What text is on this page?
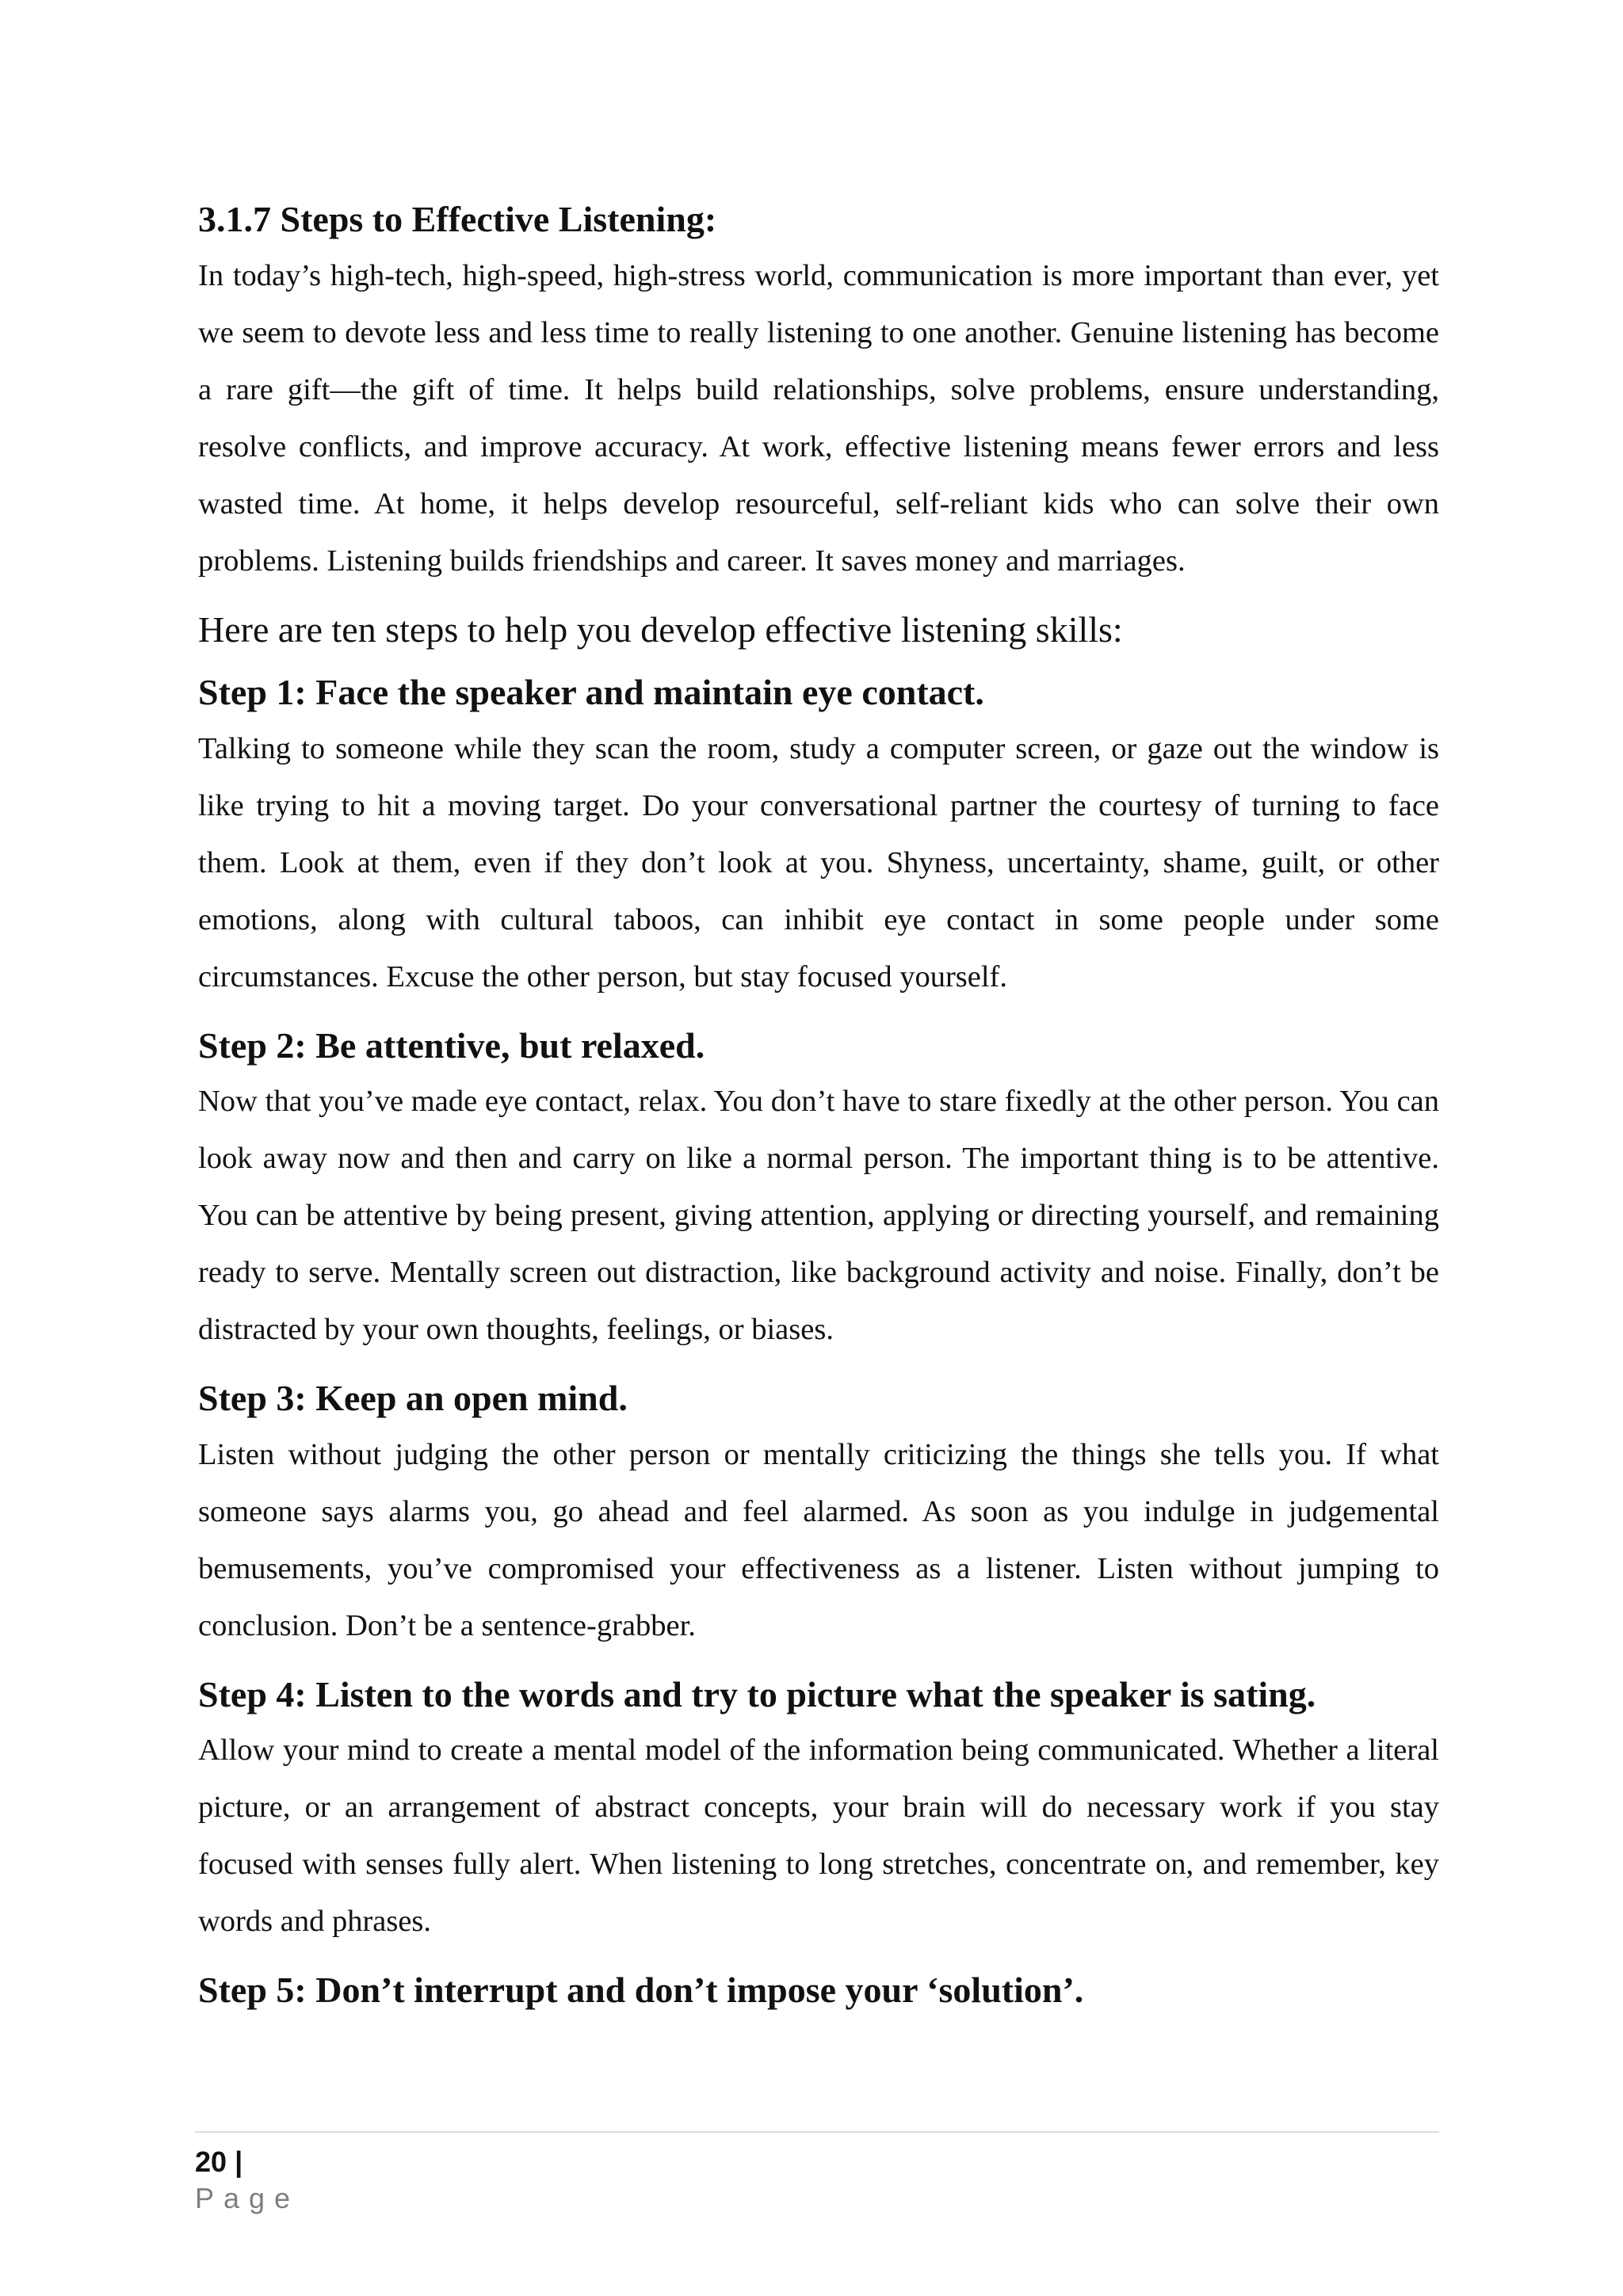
3.1.7 Steps to Effective Listening:

In today’s high-tech, high-speed, high-stress world, communication is more important than ever, yet we seem to devote less and less time to really listening to one another. Genuine listening has become a rare gift—the gift of time. It helps build relationships, solve problems, ensure understanding, resolve conflicts, and improve accuracy. At work, effective listening means fewer errors and less wasted time. At home, it helps develop resourceful, self-reliant kids who can solve their own problems. Listening builds friendships and career. It saves money and marriages.

Here are ten steps to help you develop effective listening skills:

Step 1: Face the speaker and maintain eye contact.

Talking to someone while they scan the room, study a computer screen, or gaze out the window is like trying to hit a moving target. Do your conversational partner the courtesy of turning to face them. Look at them, even if they don’t look at you. Shyness, uncertainty, shame, guilt, or other emotions, along with cultural taboos, can inhibit eye contact in some people under some circumstances. Excuse the other person, but stay focused yourself.

Step 2: Be attentive, but relaxed.

Now that you’ve made eye contact, relax. You don’t have to stare fixedly at the other person. You can look away now and then and carry on like a normal person. The important thing is to be attentive. You can be attentive by being present, giving attention, applying or directing yourself, and remaining ready to serve. Mentally screen out distraction, like background activity and noise. Finally, don’t be distracted by your own thoughts, feelings, or biases.

Step 3: Keep an open mind.

Listen without judging the other person or mentally criticizing the things she tells you. If what someone says alarms you, go ahead and feel alarmed. As soon as you indulge in judgemental bemusements, you’ve compromised your effectiveness as a listener. Listen without jumping to conclusion. Don’t be a sentence-grabber.

Step 4: Listen to the words and try to picture what the speaker is sating.

Allow your mind to create a mental model of the information being communicated. Whether a literal picture, or an arrangement of abstract concepts, your brain will do necessary work if you stay focused with senses fully alert. When listening to long stretches, concentrate on, and remember, key words and phrases.

Step 5: Don’t interrupt and don’t impose your ‘solution’.
20 | Page
